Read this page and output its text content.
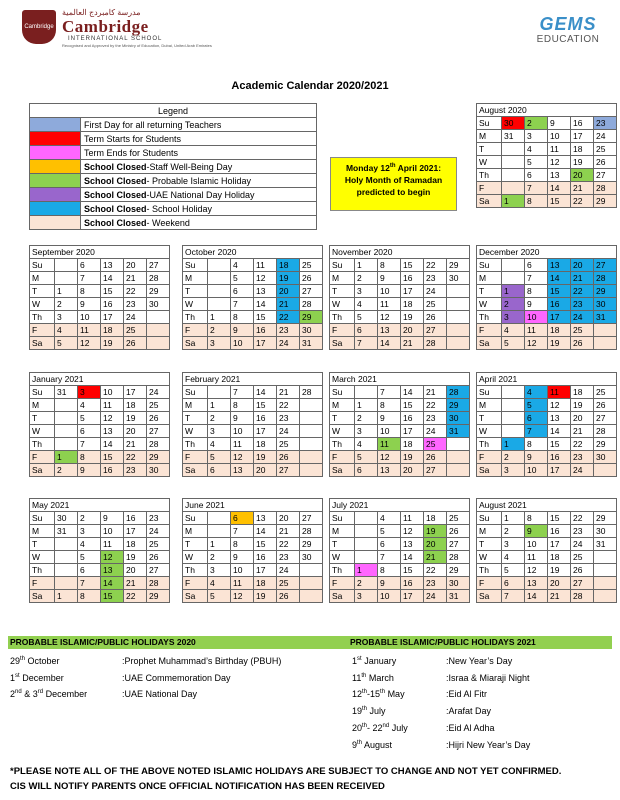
Cambridge
مدرسة كامبردج العالمية
Cambridge
INTERNATIONAL SCHOOL
Recognised and Approved by the Ministry of Education, Dubai, United Arab Emirates
GEMS
EDUCATION
Academic Calendar 2020/2021
Legend	
	First Day for all returning Teachers
	Term Starts for Students
	Term Ends for Students
	School Closed-Staff Well-Being Day
	School Closed- Probable Islamic Holiday
	School Closed-UAE National Day Holiday
	School Closed- School Holiday
	School Closed- Weekend
Monday 12th April 2021:
Holy Month of Ramadan
predicted to begin
August 2020					
Su	30	2	9	16	23
M	31	3	10	17	24
T		4	11	18	25
W		5	12	19	26
Th		6	13	20	27
F		7	14	21	28
Sa	1	8	15	22	29
September 2020					
Su		6	13	20	27
M		7	14	21	28
T	1	8	15	22	29
W	2	9	16	23	30
Th	3	10	17	24	
F	4	11	18	25	
Sa	5	12	19	26	
October 2020					
Su		4	11	18	25
M		5	12	19	26
T		6	13	20	27
W		7	14	21	28
Th	1	8	15	22	29
F	2	9	16	23	30
Sa	3	10	17	24	31
November 2020					
Su	1	8	15	22	29
M	2	9	16	23	30
T	3	10	17	24	
W	4	11	18	25	
Th	5	12	19	26	
F	6	13	20	27	
Sa	7	14	21	28	
December 2020					
Su		6	13	20	27
M		7	14	21	28
T	1	8	15	22	29
W	2	9	16	23	30
Th	3	10	17	24	31
F	4	11	18	25	
Sa	5	12	19	26	
January 2021					
Su	31	3	10	17	24
M		4	11	18	25
T		5	12	19	26
W		6	13	20	27
Th		7	14	21	28
F	1	8	15	22	29
Sa	2	9	16	23	30
February 2021					
Su		7	14	21	28
M	1	8	15	22	
T	2	9	16	23	
W	3	10	17	24	
Th	4	11	18	25	
F	5	12	19	26	
Sa	6	13	20	27	
March 2021					
Su		7	14	21	28
M	1	8	15	22	29
T	2	9	16	23	30
W	3	10	17	24	31
Th	4	11	18	25	
F	5	12	19	26	
Sa	6	13	20	27	
April 2021					
Su		4	11	18	25
M		5	12	19	26
T		6	13	20	27
W		7	14	21	28
Th	1	8	15	22	29
F	2	9	16	23	30
Sa	3	10	17	24	
May 2021					
Su	30	2	9	16	23
M	31	3	10	17	24
T		4	11	18	25
W		5	12	19	26
Th		6	13	20	27
F		7	14	21	28
Sa	1	8	15	22	29
June 2021					
Su		6	13	20	27
M		7	14	21	28
T	1	8	15	22	29
W	2	9	16	23	30
Th	3	10	17	24	
F	4	11	18	25	
Sa	5	12	19	26	
July 2021					
Su		4	11	18	25
M		5	12	19	26
T		6	13	20	27
W		7	14	21	28
Th	1	8	15	22	29
F	2	9	16	23	30
Sa	3	10	17	24	31
August 2021					
Su	1	8	15	22	29
M	2	9	16	23	30
T	3	10	17	24	31
W	4	11	18	25	
Th	5	12	19	26	
F	6	13	20	27	
Sa	7	14	21	28	
PROBABLE ISLAMIC/PUBLIC HOLIDAYS 2020	PROBABLE ISLAMIC/PUBLIC HOLIDAYS 2021
29th October	:Prophet Muhammad’s Birthday (PBUH)
1st December	:UAE Commemoration Day
2nd & 3rd December	:UAE National Day
1st January	:New Year’s Day
11th March	:Israa & Miaraji Night
12th-15th May	:Eid Al Fitr
19th July	:Arafat Day
20th- 22nd July	:Eid Al Adha
9th August	:Hijri New Year’s Day
*PLEASE NOTE ALL OF THE ABOVE NOTED ISLAMIC HOLIDAYS ARE SUBJECT TO CHANGE AND NOT YET CONFIRMED.
CIS WILL NOTIFY PARENTS ONCE OFFICIAL NOTIFICATION HAS BEEN RECEIVED
